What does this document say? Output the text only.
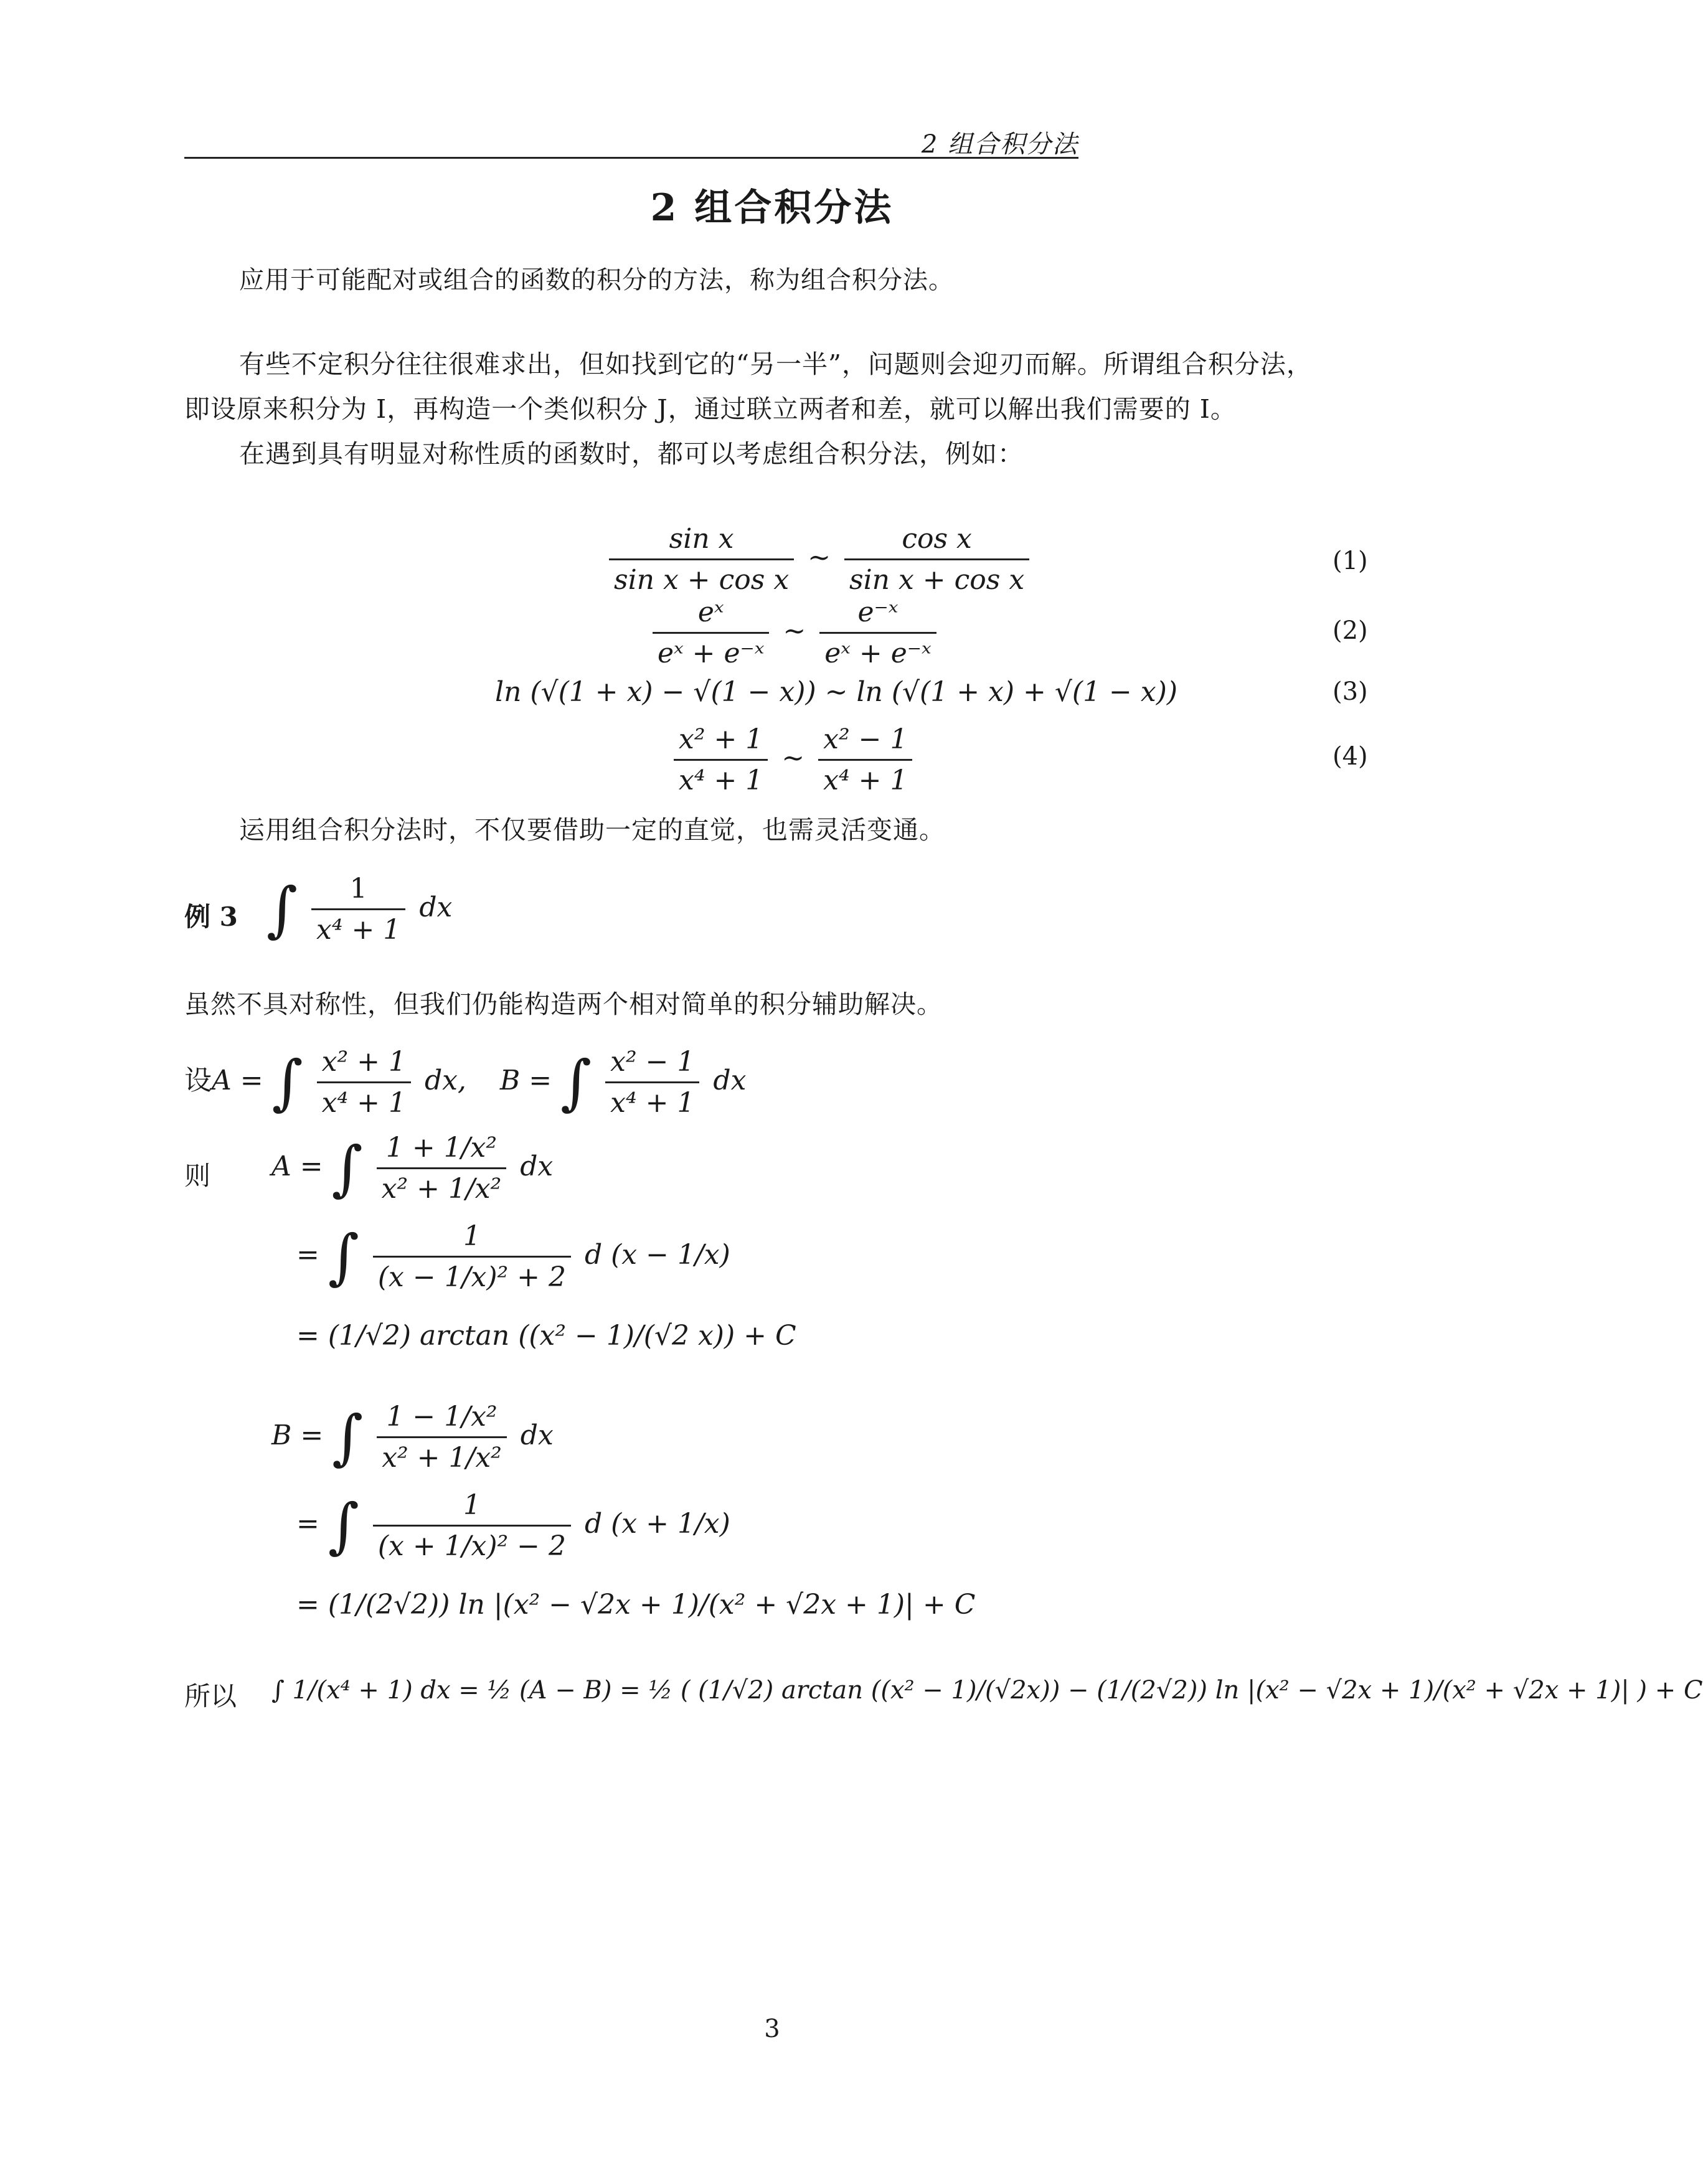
2 组合积分法
2 组合积分法
应用于可能配对或组合的函数的积分的方法，称为组合积分法。
有些不定积分往往很难求出，但如找到它的“另一半”，问题则会迎刃而解。所谓组合积分法，
即设原来积分为 I，再构造一个类似积分 J，通过联立两者和差，就可以解出我们需要的 I。
在遇到具有明显对称性质的函数时，都可以考虑组合积分法，例如：
$\frac{\text{sin x}}{\text{sin x + cos x}}$ ∼ $\frac{\text{cos x}}{\text{sin x + cos x}}$	(1)
$\frac{\text{eˣ}}{\text{eˣ + e⁻ˣ}}$ ∼ $\frac{\text{e⁻ˣ}}{\text{eˣ + e⁻ˣ}}$	(2)
ln (√(1 + x) − √(1 − x)) ∼ ln (√(1 + x) + √(1 − x))	(3)
$\frac{\text{x² + 1}}{\text{x⁴ + 1}}$ ∼ $\frac{\text{x² − 1}}{\text{x⁴ + 1}}$	(4)
运用组合积分法时，不仅要借助一定的直觉，也需灵活变通。
例 3 ∫ $\frac{1}{\text{x⁴ + 1}}$ dx
虽然不具对称性，但我们仍能构造两个相对简单的积分辅助解决。
设A = ∫ $\frac{\text{x² + 1}}{\text{x⁴ + 1}}$ dx, B = ∫ $\frac{\text{x² − 1}}{\text{x⁴ + 1}}$ dx
则 A = ∫ $\frac{\text{1 + 1/x²}}{\text{x² + 1/x²}}$ dx
= ∫ $\frac{1}{\text{(x − 1/x)² + 2}}$ d (x − 1/x)
= (1/√2) arctan ((x² − 1)/(√2 x)) + C
B = ∫ $\frac{\text{1 − 1/x²}}{\text{x² + 1/x²}}$ dx
= ∫ $\frac{1}{\text{(x + 1/x)² − 2}}$ d (x + 1/x)
= (1/(2√2)) ln |(x² − √2x + 1)/(x² + √2x + 1)| + C
所以 ∫ 1/(x⁴ + 1) dx = ½ (A − B) = ½ ( (1/√2) arctan ((x² − 1)/(√2x)) − (1/(2√2)) ln |(x² − √2x + 1)/(x² + √2x + 1)| ) + C
3
